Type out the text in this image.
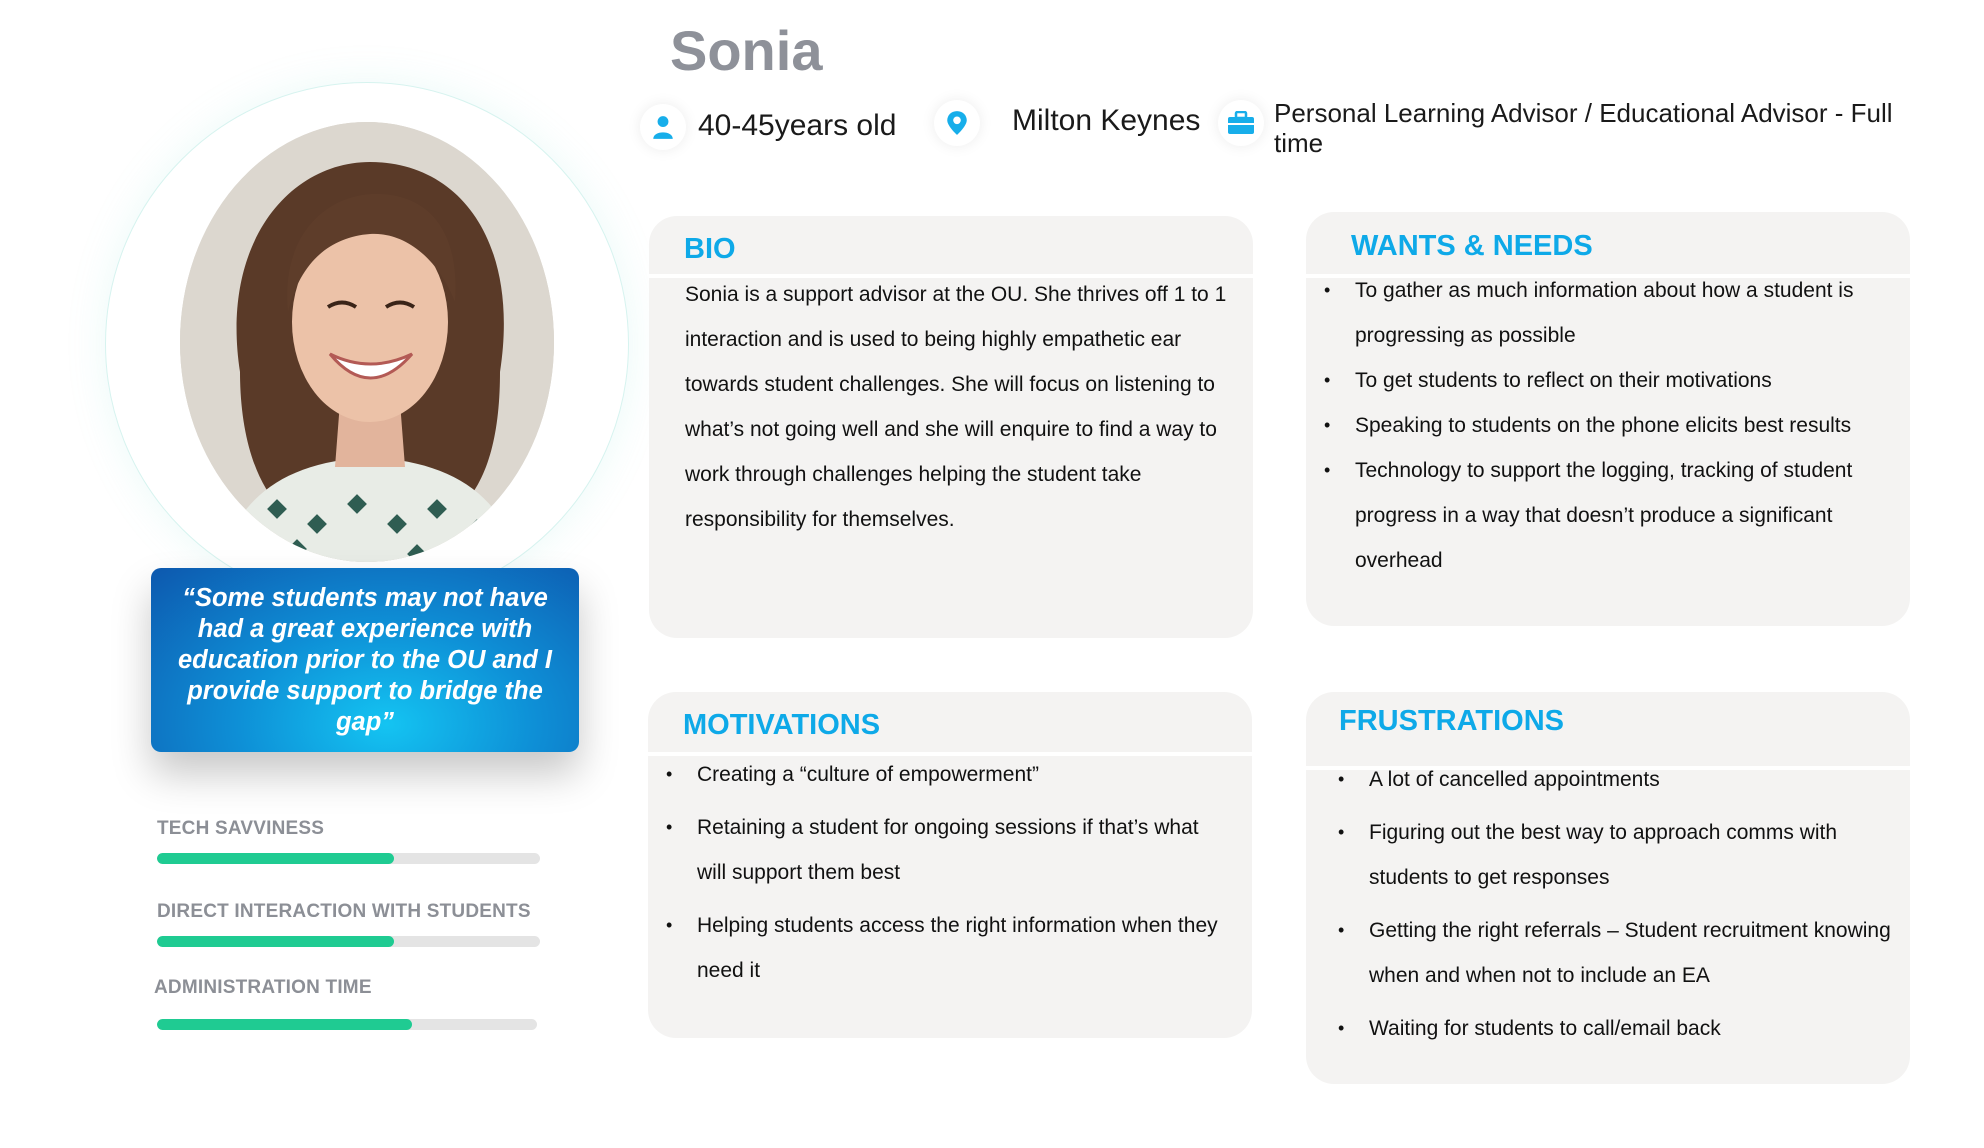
“Some students may not have had a great experience with education prior to the OU and I provide support to bridge the gap”
TECH SAVVINESS
DIRECT INTERACTION WITH STUDENTS
ADMINISTRATION TIME
Sonia
40-45years old	Milton Keynes	Personal Learning Advisor / Educational Advisor - Full time
BIO
Sonia is a support advisor at the OU. She thrives off 1 to 1 interaction and is used to being highly empathetic ear towards student challenges. She will focus on listening to what’s not going well and she will enquire to find a way to work through challenges helping the student take responsibility for themselves.
WANTS & NEEDS
• To gather as much information about how a student is progressing as possible
• To get students to reflect on their motivations
• Speaking to students on the phone elicits best results
• Technology to support the logging, tracking of student progress in a way that doesn’t produce a significant overhead
MOTIVATIONS
• Creating a “culture of empowerment”
• Retaining a student for ongoing sessions if that’s what will support them best
• Helping students access the right information when they need it
FRUSTRATIONS
• A lot of cancelled appointments
• Figuring out the best way to approach comms with students to get responses
• Getting the right referrals – Student recruitment knowing when and when not to include an EA
• Waiting for students to call/email back
